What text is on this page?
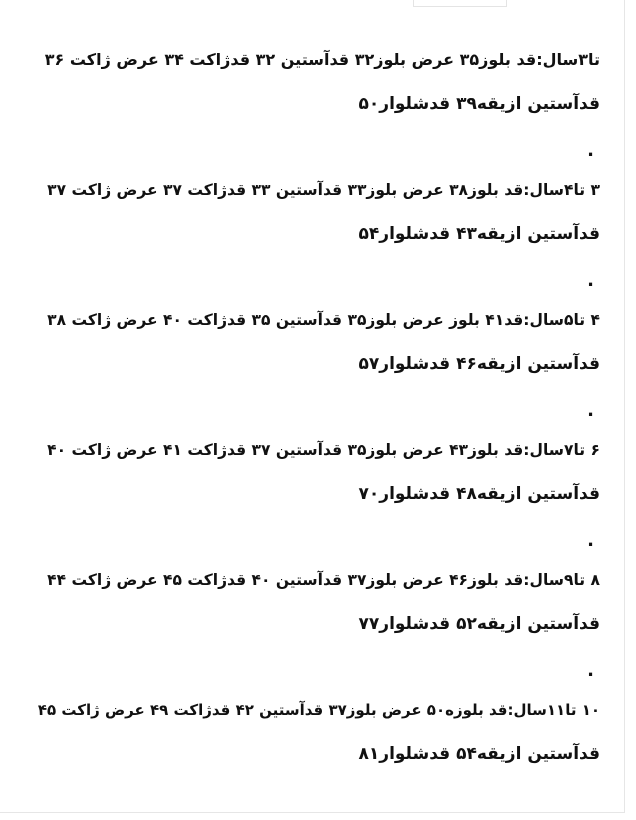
تا۳سال:قد بلوز۳۵ عرض بلوز۳۲ قدآستین ۳۲ قدژاکت ۳۴ عرض ژاکت ۳۶
قدآستین ازیقه۳۹ قدشلوار۵۰
.
۳ تا۴سال:قد بلوز۳۸ عرض بلوز۳۳ قدآستین ۳۳ قدژاکت ۳۷ عرض ژاکت ۳۷
قدآستین ازیقه۴۳ قدشلوار۵۴
.
۴ تا۵سال:قد۴۱ بلوز عرض بلوز۳۵ قدآستین ۳۵ قدژاکت ۴۰ عرض ژاکت ۳۸
قدآستین ازیقه۴۶ قدشلوار۵۷
.
۶ تا۷سال:قد بلوز۴۳ عرض بلوز۳۵ قدآستین ۳۷ قدژاکت ۴۱ عرض ژاکت ۴۰
قدآستین ازیقه۴۸ قدشلوار۷۰
.
۸ تا۹سال:قد بلوز۴۶ عرض بلوز۳۷ قدآستین ۴۰ قدژاکت ۴۵ عرض ژاکت ۴۴
قدآستین ازیقه۵۲ قدشلوار۷۷
.
۱۰ تا۱۱سال:قد بلوزه۵۰ عرض بلوز۳۷ قدآستین ۴۲ قدژاکت ۴۹ عرض ژاکت ۴۵
قدآستین ازیقه۵۴ قدشلوار۸۱
